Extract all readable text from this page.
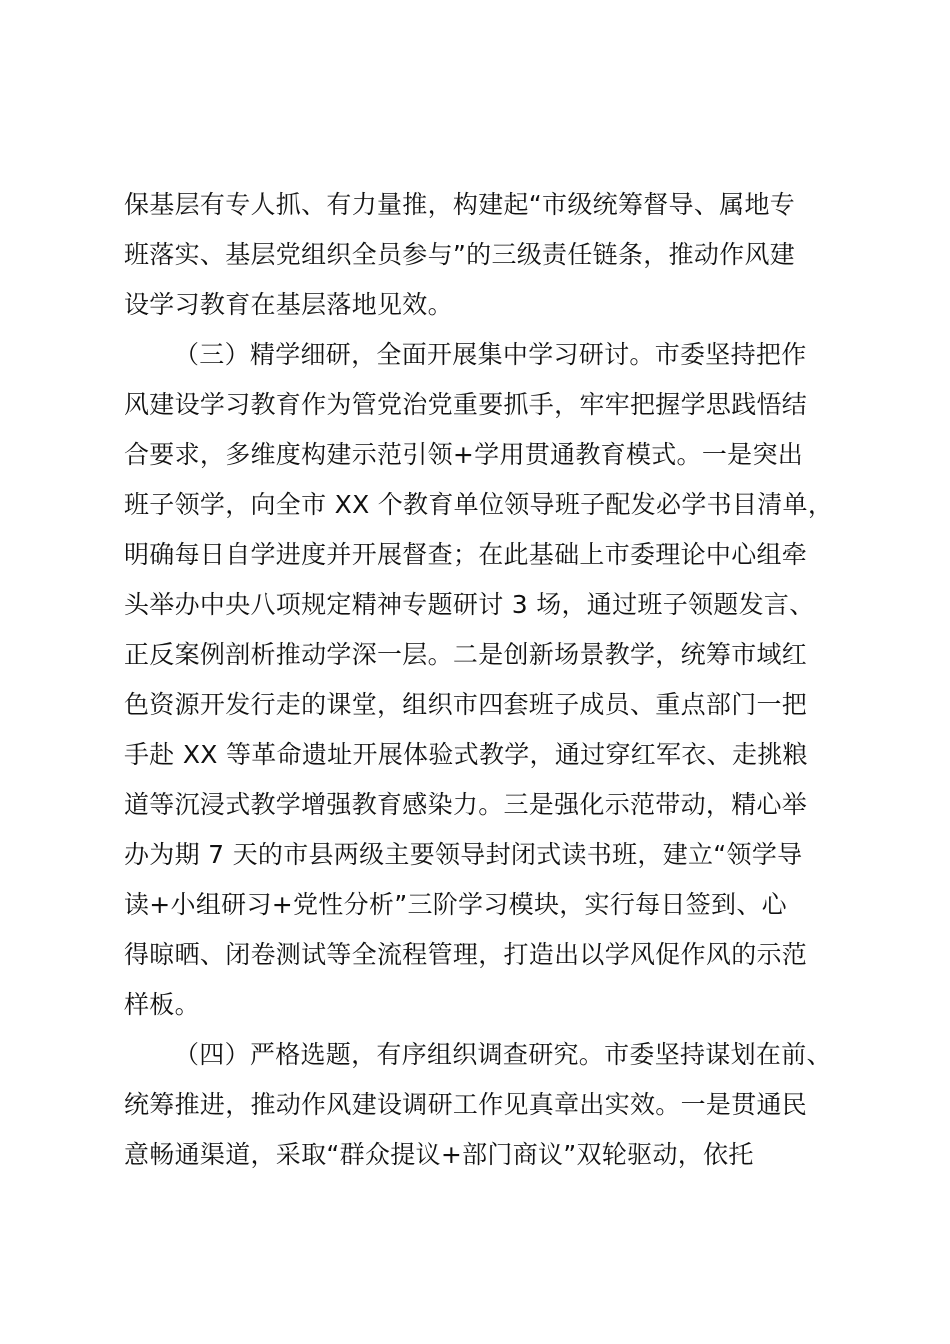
保基层有专人抓、有力量推，构建起“市级统筹督导、属地专
班落实、基层党组织全员参与”的三级责任链条，推动作风建
设学习教育在基层落地见效。
（三）精学细研，全面开展集中学习研讨。市委坚持把作
风建设学习教育作为管党治党重要抓手，牢牢把握学思践悟结
合要求，多维度构建示范引领+学用贯通教育模式。一是突出
班子领学，向全市 XX 个教育单位领导班子配发必学书目清单，
明确每日自学进度并开展督查；在此基础上市委理论中心组牵
头举办中央八项规定精神专题研讨 3 场，通过班子领题发言、
正反案例剖析推动学深一层。二是创新场景教学，统筹市域红
色资源开发行走的课堂，组织市四套班子成员、重点部门一把
手赴 XX 等革命遗址开展体验式教学，通过穿红军衣、走挑粮
道等沉浸式教学增强教育感染力。三是强化示范带动，精心举
办为期 7 天的市县两级主要领导封闭式读书班，建立“领学导
读+小组研习+党性分析”三阶学习模块，实行每日签到、心
得晾晒、闭卷测试等全流程管理，打造出以学风促作风的示范
样板。
（四）严格选题，有序组织调查研究。市委坚持谋划在前、
统筹推进，推动作风建设调研工作见真章出实效。一是贯通民
意畅通渠道，采取“群众提议+部门商议”双轮驱动，依托
